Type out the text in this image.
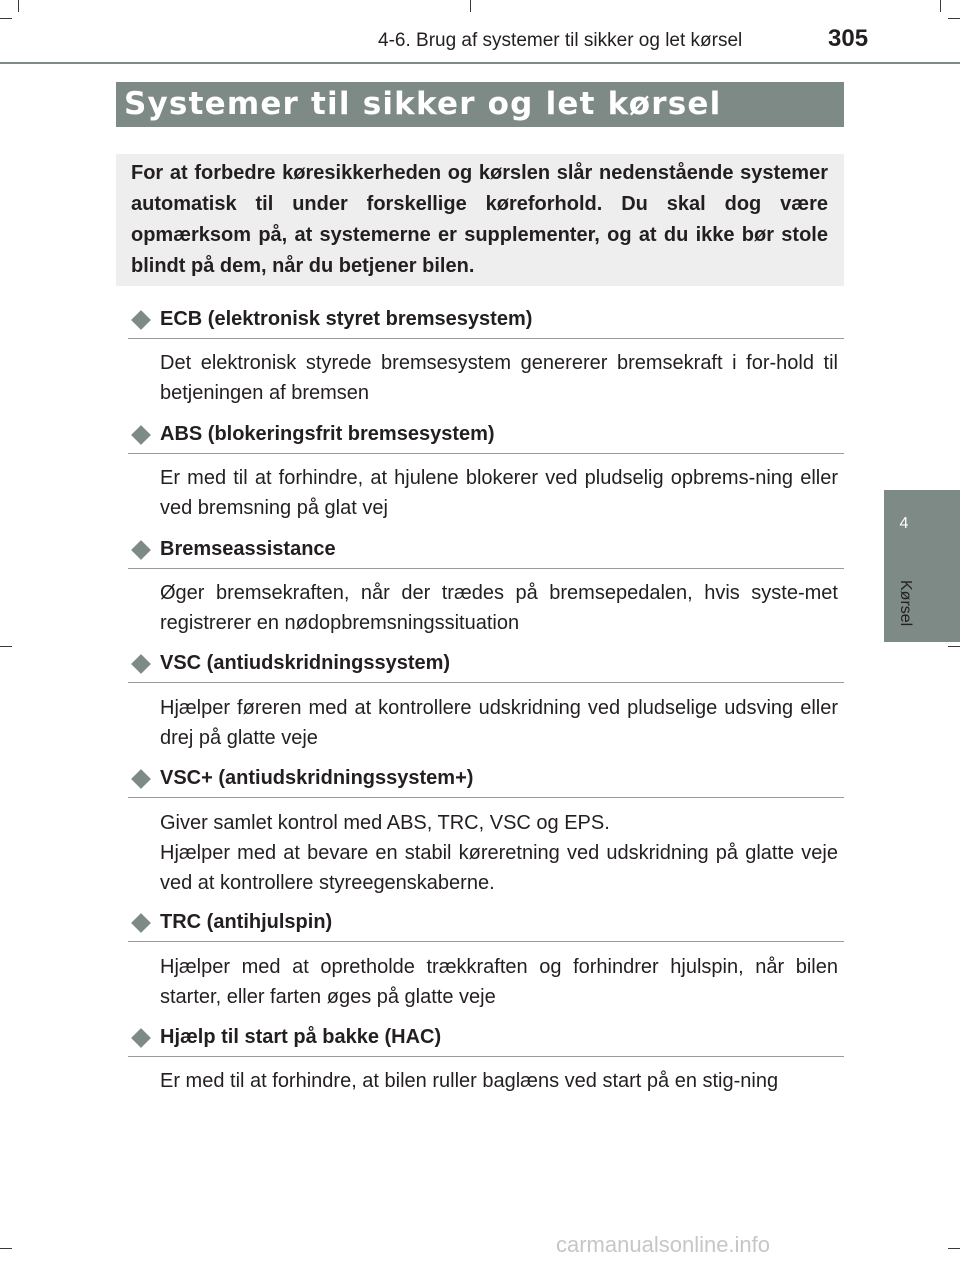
4-6. Brug af systemer til sikker og let kørsel	305
Systemer til sikker og let kørsel

For at forbedre køresikkerheden og kørslen slår nedenstående systemer automatisk til under forskellige køreforhold. Du skal dog være opmærksom på, at systemerne er supplementer, og at du ikke bør stole blindt på dem, når du betjener bilen.

4
Kørsel
ECB (elektronisk styret bremsesystem)

Det elektronisk styrede bremsesystem genererer bremsekraft i for-hold til betjeningen af bremsen

ABS (blokeringsfrit bremsesystem)

Er med til at forhindre, at hjulene blokerer ved pludselig opbrems-ning eller ved bremsning på glat vej

Bremseassistance

Øger bremsekraften, når der trædes på bremsepedalen, hvis syste-met registrerer en nødopbremsningssituation

VSC (antiudskridningssystem)

Hjælper føreren med at kontrollere udskridning ved pludselige udsving eller drej på glatte veje

VSC+ (antiudskridningssystem+)

Giver samlet kontrol med ABS, TRC, VSC og EPS.

Hjælper med at bevare en stabil køreretning ved udskridning på glatte veje ved at kontrollere styreegenskaberne.

TRC (antihjulspin)

Hjælper med at opretholde trækkraften og forhindrer hjulspin, når bilen starter, eller farten øges på glatte veje

Hjælp til start på bakke (HAC)

Er med til at forhindre, at bilen ruller baglæns ved start på en stig-ning

carmanualsonline.info
